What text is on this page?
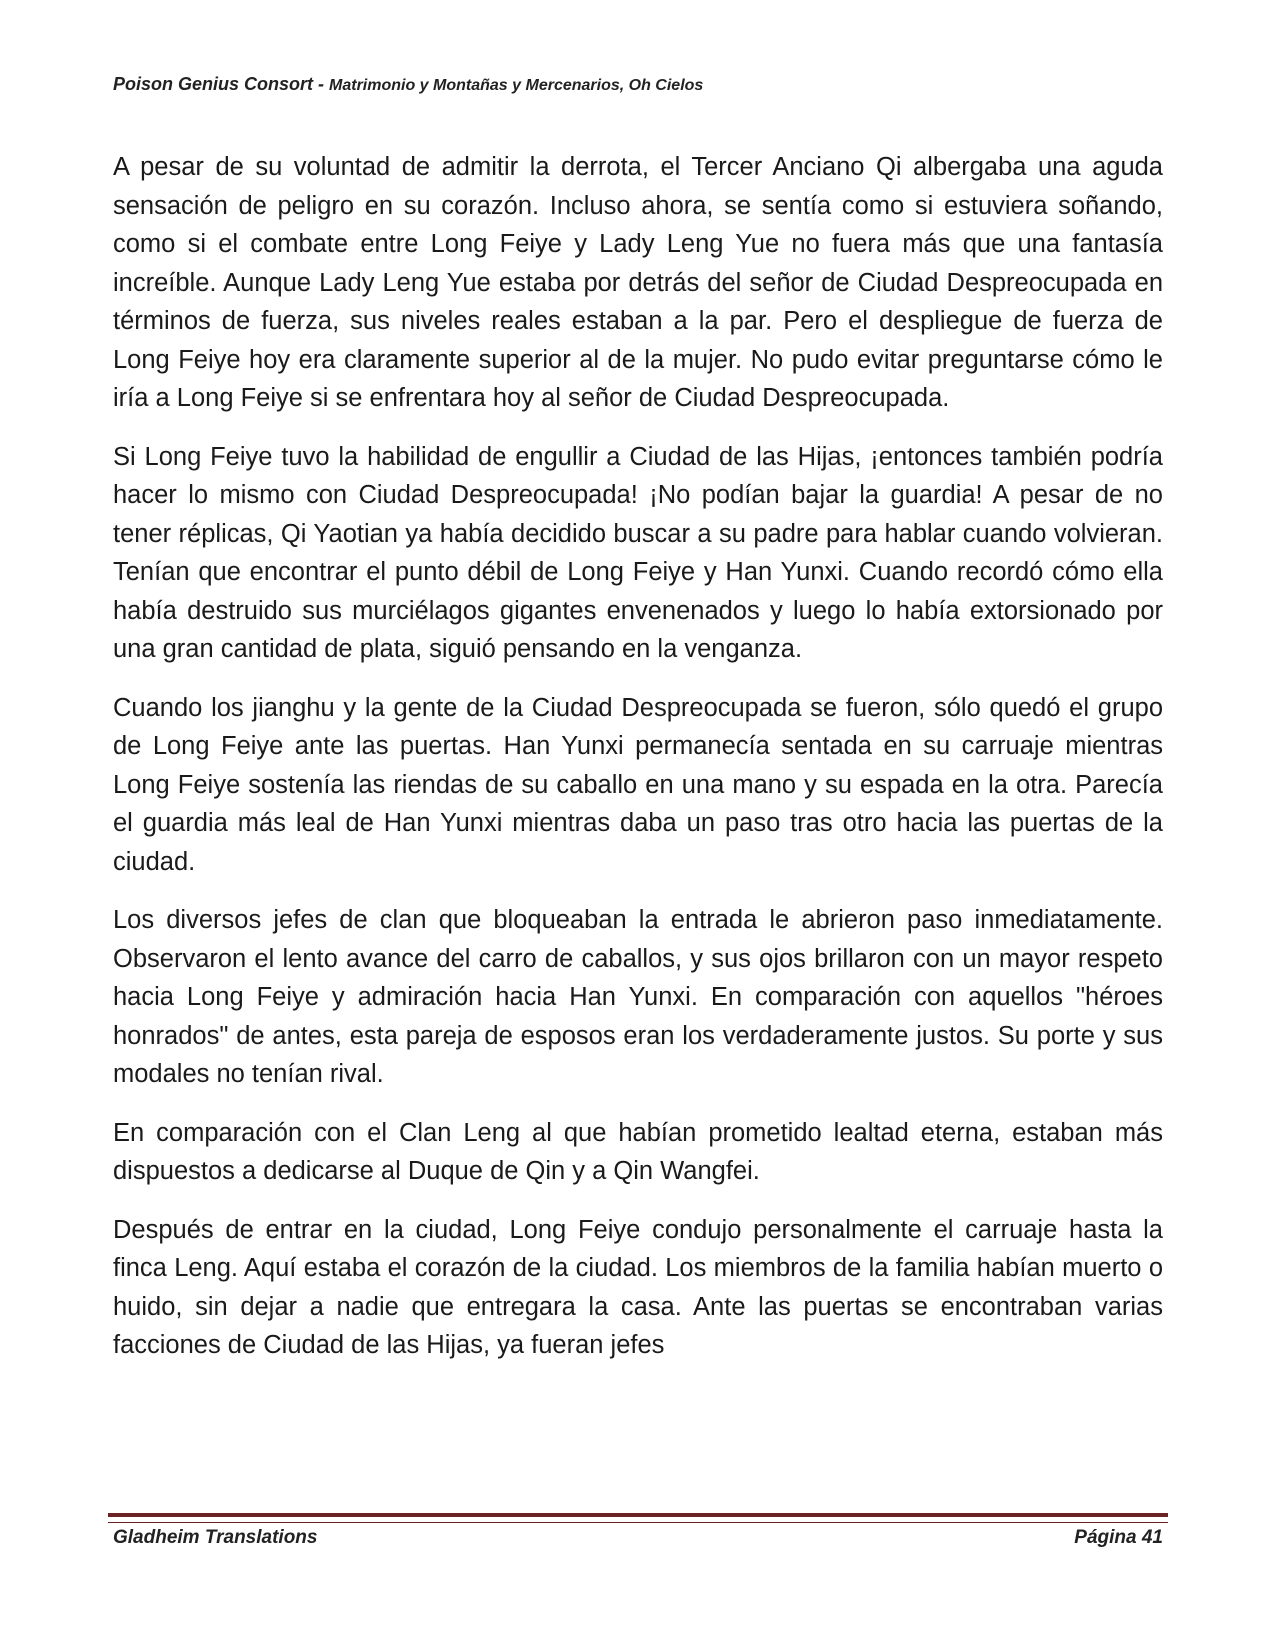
Poison Genius Consort - Matrimonio y Montañas y Mercenarios, Oh Cielos

A pesar de su voluntad de admitir la derrota, el Tercer Anciano Qi albergaba una aguda sensación de peligro en su corazón. Incluso ahora, se sentía como si estuviera soñando, como si el combate entre Long Feiye y Lady Leng Yue no fuera más que una fantasía increíble. Aunque Lady Leng Yue estaba por detrás del señor de Ciudad Despreocupada en términos de fuerza, sus niveles reales estaban a la par. Pero el despliegue de fuerza de Long Feiye hoy era claramente superior al de la mujer. No pudo evitar preguntarse cómo le iría a Long Feiye si se enfrentara hoy al señor de Ciudad Despreocupada.

Si Long Feiye tuvo la habilidad de engullir a Ciudad de las Hijas, ¡entonces también podría hacer lo mismo con Ciudad Despreocupada! ¡No podían bajar la guardia! A pesar de no tener réplicas, Qi Yaotian ya había decidido buscar a su padre para hablar cuando volvieran. Tenían que encontrar el punto débil de Long Feiye y Han Yunxi. Cuando recordó cómo ella había destruido sus murciélagos gigantes envenenados y luego lo había extorsionado por una gran cantidad de plata, siguió pensando en la venganza.

Cuando los jianghu y la gente de la Ciudad Despreocupada se fueron, sólo quedó el grupo de Long Feiye ante las puertas. Han Yunxi permanecía sentada en su carruaje mientras Long Feiye sostenía las riendas de su caballo en una mano y su espada en la otra. Parecía el guardia más leal de Han Yunxi mientras daba un paso tras otro hacia las puertas de la ciudad.

Los diversos jefes de clan que bloqueaban la entrada le abrieron paso inmediatamente. Observaron el lento avance del carro de caballos, y sus ojos brillaron con un mayor respeto hacia Long Feiye y admiración hacia Han Yunxi. En comparación con aquellos "héroes honrados" de antes, esta pareja de esposos eran los verdaderamente justos. Su porte y sus modales no tenían rival.

En comparación con el Clan Leng al que habían prometido lealtad eterna, estaban más dispuestos a dedicarse al Duque de Qin y a Qin Wangfei.

Después de entrar en la ciudad, Long Feiye condujo personalmente el carruaje hasta la finca Leng. Aquí estaba el corazón de la ciudad. Los miembros de la familia habían muerto o huido, sin dejar a nadie que entregara la casa. Ante las puertas se encontraban varias facciones de Ciudad de las Hijas, ya fueran jefes

Gladheim Translations	Página 41
